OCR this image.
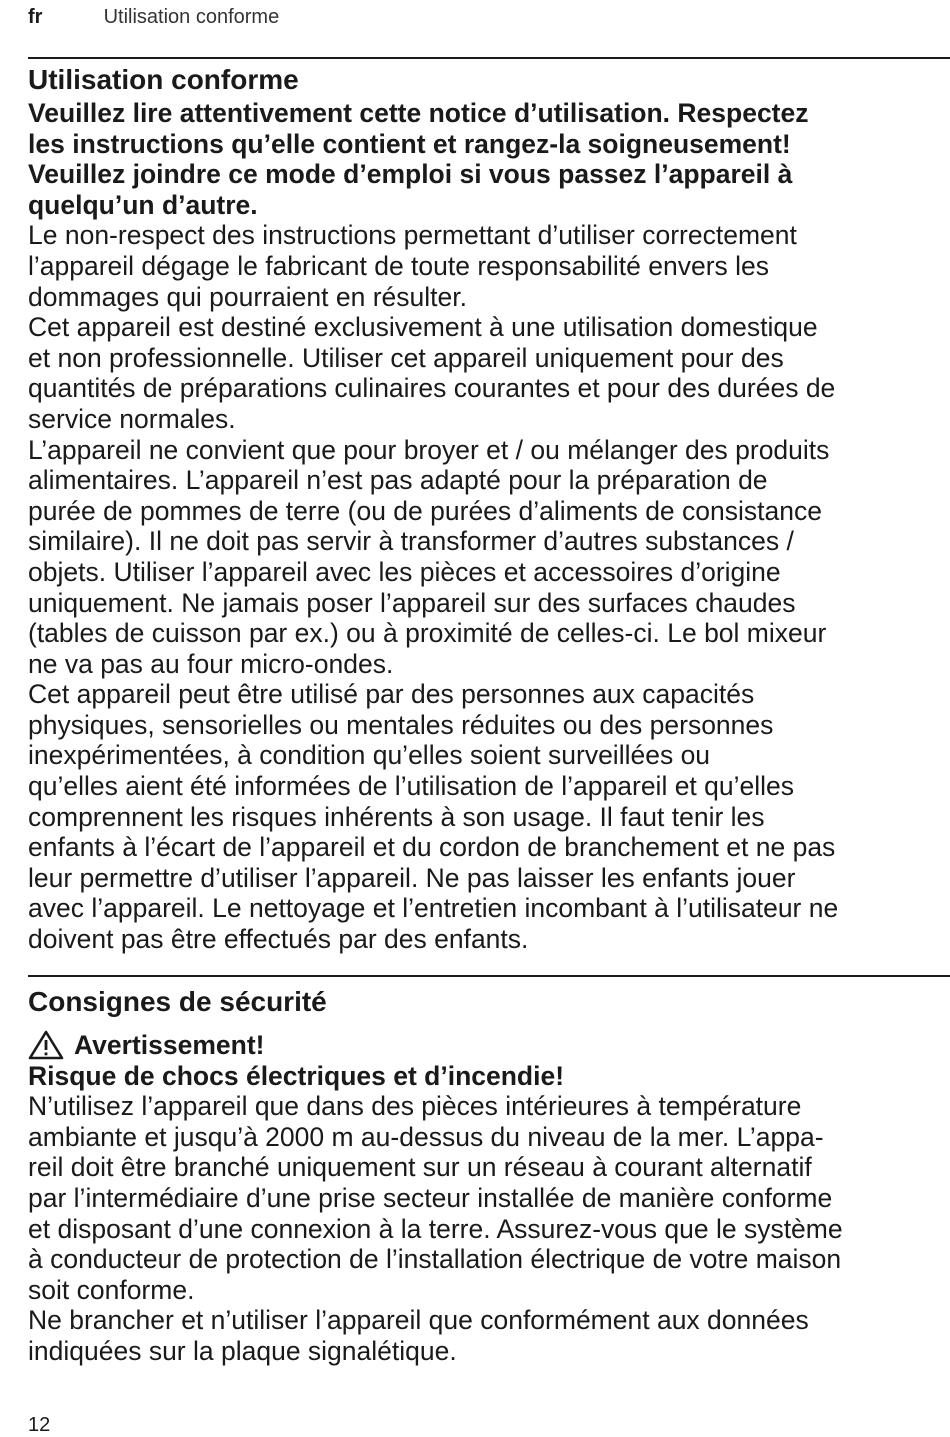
fr	Utilisation conforme
Utilisation conforme

Veuillez lire attentivement cette notice d’utilisation. Respectez
les instructions qu’elle contient et rangez-la soigneusement!
Veuillez joindre ce mode d’emploi si vous passez l’appareil à
quelqu’un d’autre.

Le non-respect des instructions permettant d’utiliser correctement
l’appareil dégage le fabricant de toute responsabilité envers les
dommages qui pourraient en résulter.

Cet appareil est destiné exclusivement à une utilisation domestique
et non professionnelle. Utiliser cet appareil uniquement pour des
quantités de préparations culinaires courantes et pour des durées de
service normales.

L’appareil ne convient que pour broyer et / ou mélanger des produits
alimentaires. L’appareil n’est pas adapté pour la préparation de
purée de pommes de terre (ou de purées d’aliments de consistance
similaire). Il ne doit pas servir à transformer d’autres substances /
objets. Utiliser l’appareil avec les pièces et accessoires d’origine
uniquement. Ne jamais poser l’appareil sur des surfaces chaudes
(tables de cuisson par ex.) ou à proximité de celles-ci. Le bol mixeur
ne va pas au four micro-ondes.

Cet appareil peut être utilisé par des personnes aux capacités
physiques, sensorielles ou mentales réduites ou des personnes
inexpérimentées, à condition qu’elles soient surveillées ou
qu’elles aient été informées de l’utilisation de l’appareil et qu’elles
comprennent les risques inhérents à son usage. Il faut tenir les
enfants à l’écart de l’appareil et du cordon de branchement et ne pas
leur permettre d’utiliser l’appareil. Ne pas laisser les enfants jouer
avec l’appareil. Le nettoyage et l’entretien incombant à l’utilisateur ne
doivent pas être effectués par des enfants.

Consignes de sécurité
Avertissement!

Risque de chocs électriques et d’incendie!

N’utilisez l’appareil que dans des pièces intérieures à température
ambiante et jusqu’à 2000 m au-dessus du niveau de la mer. L’appa-
reil doit être branché uniquement sur un réseau à courant alternatif
par l’intermédiaire d’une prise secteur installée de manière conforme
et disposant d’une connexion à la terre. Assurez-vous que le système
à conducteur de protection de l’installation électrique de votre maison
soit conforme.

Ne brancher et n’utiliser l’appareil que conformément aux données
indiquées sur la plaque signalétique.

12
